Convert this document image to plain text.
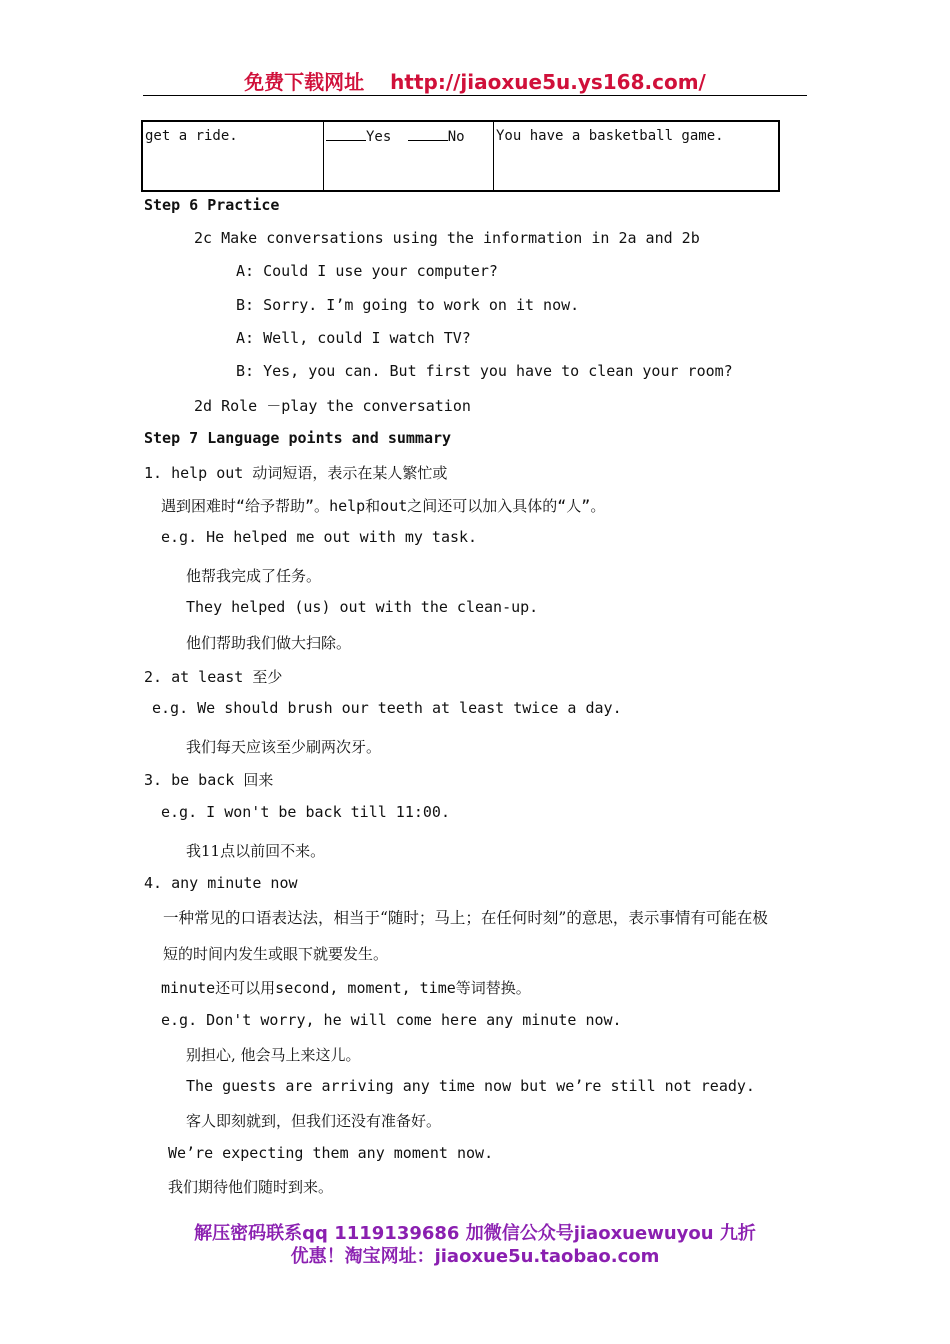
免费下载网址 http://jiaoxue5u.ys168.com/
get a ride.	Yes	No	You have a basketball game.
Step 6 Practice
2c Make conversations using the information in 2a and 2b
A: Could I use your computer?
B: Sorry. I’m going to work on it now.
A: Well, could I watch TV?
B: Yes, you can. But first you have to clean your room?
2d Role －play the conversation
Step 7 Language points and summary
1. help out 动词短语，表示在某人繁忙或
遇到困难时“给予帮助”。help和out之间还可以加入具体的“人”。
e.g. He helped me out with my task.
他帮我完成了任务。
They helped (us) out with the clean-up.
他们帮助我们做大扫除。
2. at least 至少
e.g. We should brush our teeth at least twice a day.
我们每天应该至少刷两次牙。
3. be back 回来
e.g. I won't be back till 11:00.
我11点以前回不来。
4. any minute now
一种常见的口语表达法，相当于“随时；马上；在任何时刻”的意思，表示事情有可能在极
短的时间内发生或眼下就要发生。
minute还可以用second, moment, time等词替换。
e.g. Don't worry, he will come here any minute now.
别担心, 他会马上来这儿。
The guests are arriving any time now but we’re still not ready.
客人即刻就到，但我们还没有准备好。
We’re expecting them any moment now.
我们期待他们随时到来。
解压密码联系qq 1119139686 加微信公众号jiaoxuewuyou 九折
优惠！淘宝网址：jiaoxue5u.taobao.com
